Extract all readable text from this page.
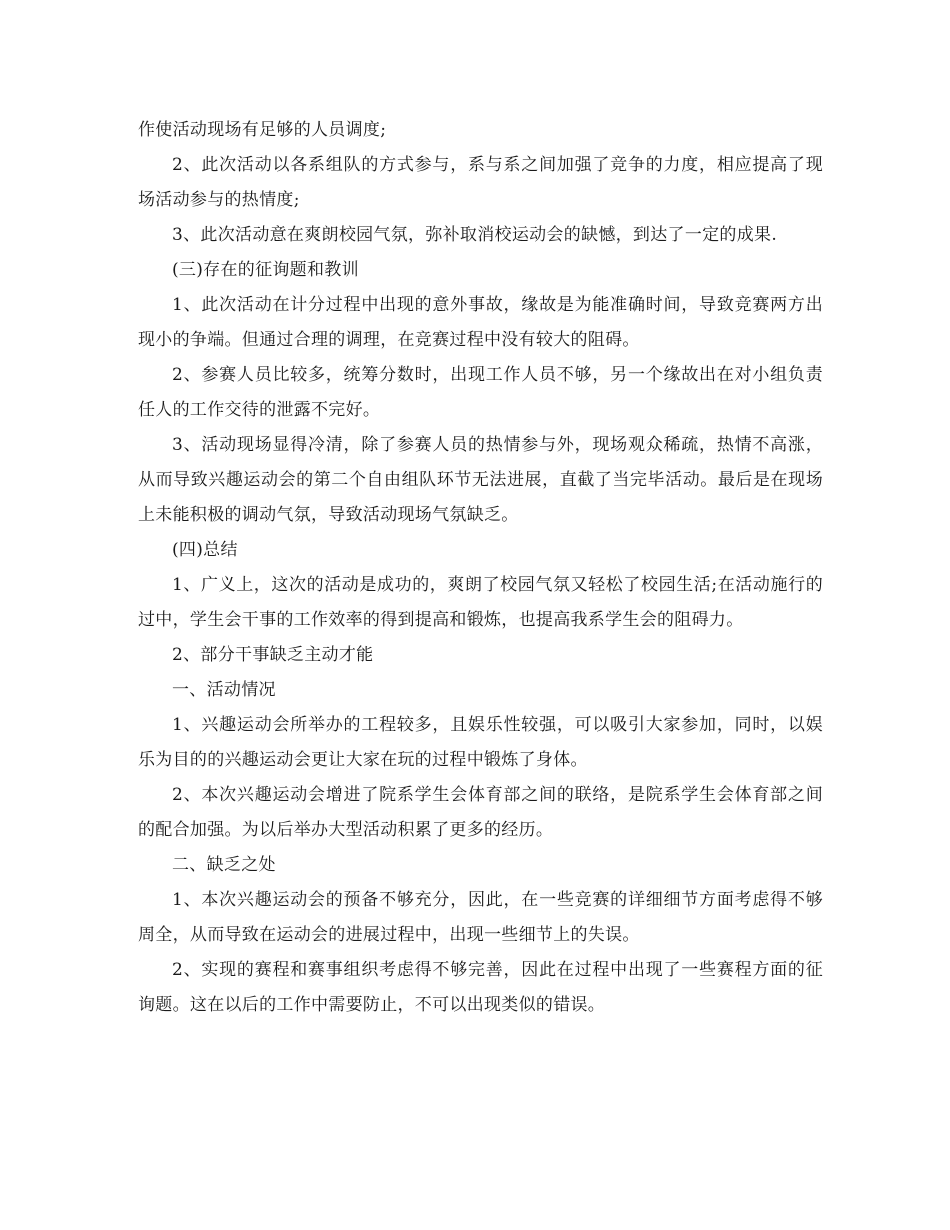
作使活动现场有足够的人员调度;

2、此次活动以各系组队的方式参与，系与系之间加强了竞争的力度，相应提高了现场活动参与的热情度;

3、此次活动意在爽朗校园气氛，弥补取消校运动会的缺憾，到达了一定的成果.

(三)存在的征询题和教训

1、此次活动在计分过程中出现的意外事故，缘故是为能准确时间，导致竞赛两方出现小的争端。但通过合理的调理，在竞赛过程中没有较大的阻碍。

2、参赛人员比较多，统筹分数时，出现工作人员不够，另一个缘故出在对小组负责任人的工作交待的泄露不完好。

3、活动现场显得冷清，除了参赛人员的热情参与外，现场观众稀疏，热情不高涨，从而导致兴趣运动会的第二个自由组队环节无法进展，直截了当完毕活动。最后是在现场上未能积极的调动气氛，导致活动现场气氛缺乏。

(四)总结

1、广义上，这次的活动是成功的，爽朗了校园气氛又轻松了校园生活;在活动施行的过中，学生会干事的工作效率的得到提高和锻炼，也提高我系学生会的阻碍力。

2、部分干事缺乏主动才能

一、活动情况

1、兴趣运动会所举办的工程较多，且娱乐性较强，可以吸引大家参加，同时，以娱乐为目的的兴趣运动会更让大家在玩的过程中锻炼了身体。

2、本次兴趣运动会增进了院系学生会体育部之间的联络，是院系学生会体育部之间的配合加强。为以后举办大型活动积累了更多的经历。

二、缺乏之处

1、本次兴趣运动会的预备不够充分，因此，在一些竞赛的详细细节方面考虑得不够周全，从而导致在运动会的进展过程中，出现一些细节上的失误。

2、实现的赛程和赛事组织考虑得不够完善，因此在过程中出现了一些赛程方面的征询题。这在以后的工作中需要防止，不可以出现类似的错误。
